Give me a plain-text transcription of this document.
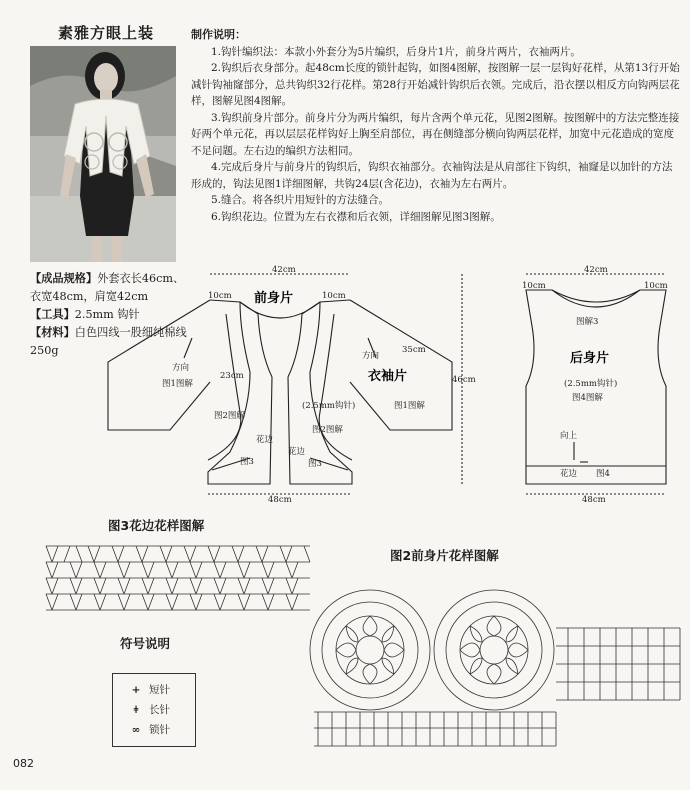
素雅方眼上装
【成品规格】外套衣长46cm、衣宽48cm，肩宽42cm
【工具】2.5mm 钩针
【材料】白色四线一股细纯棉线 250g
制作说明：

1.钩针编织法：本款小外套分为5片编织，后身片1片，前身片两片，衣袖两片。

2.钩织后衣身部分。起48cm长度的锁针起钩，如图4图解，按图解一层一层钩好花样，从第13行开始减针钩袖窿部分，总共钩织32行花样。第28行开始减针钩织后衣领。完成后，沿衣摆以相反方向钩两层花样，图解见图4图解。

3.钩织前身片部分。前身片分为两片编织，每片含两个单元花，见图2图解。按图解中的方法完整连接好两个单元花，再以层层花样钩好上胸至肩部位，再在侧缝部分横向钩两层花样，加宽中元花造成的宽度不足问题。左右边的编织方法相同。

4.完成后身片与前身片的钩织后，钩织衣袖部分。衣袖钩法是从肩部往下钩织，袖窿是以加针的方法形成的，钩法见图1详细图解，共钩24层(含花边)，衣袖为左右两片。

5.缝合。将各织片用短针的方法缝合。

6.钩织花边。位置为左右衣襟和后衣领，详细图解见图3图解。

42cm
10cm	10cm
23cm
35cm
46cm
48cm
方向
方向
图1图解
图1图解
图2图解
图2图解
(2.5mm钩针)
花边
花边
图3	图3
前身片
衣袖片
42cm
10cm	10cm
图解3
(2.5mm钩针)
图4图解
向上
花边 图4
48cm
后身片
图3花边花样图解
图2前身片花样图解
符号说明
+ 短针
ǂ 长针
∞ 锁针
082
